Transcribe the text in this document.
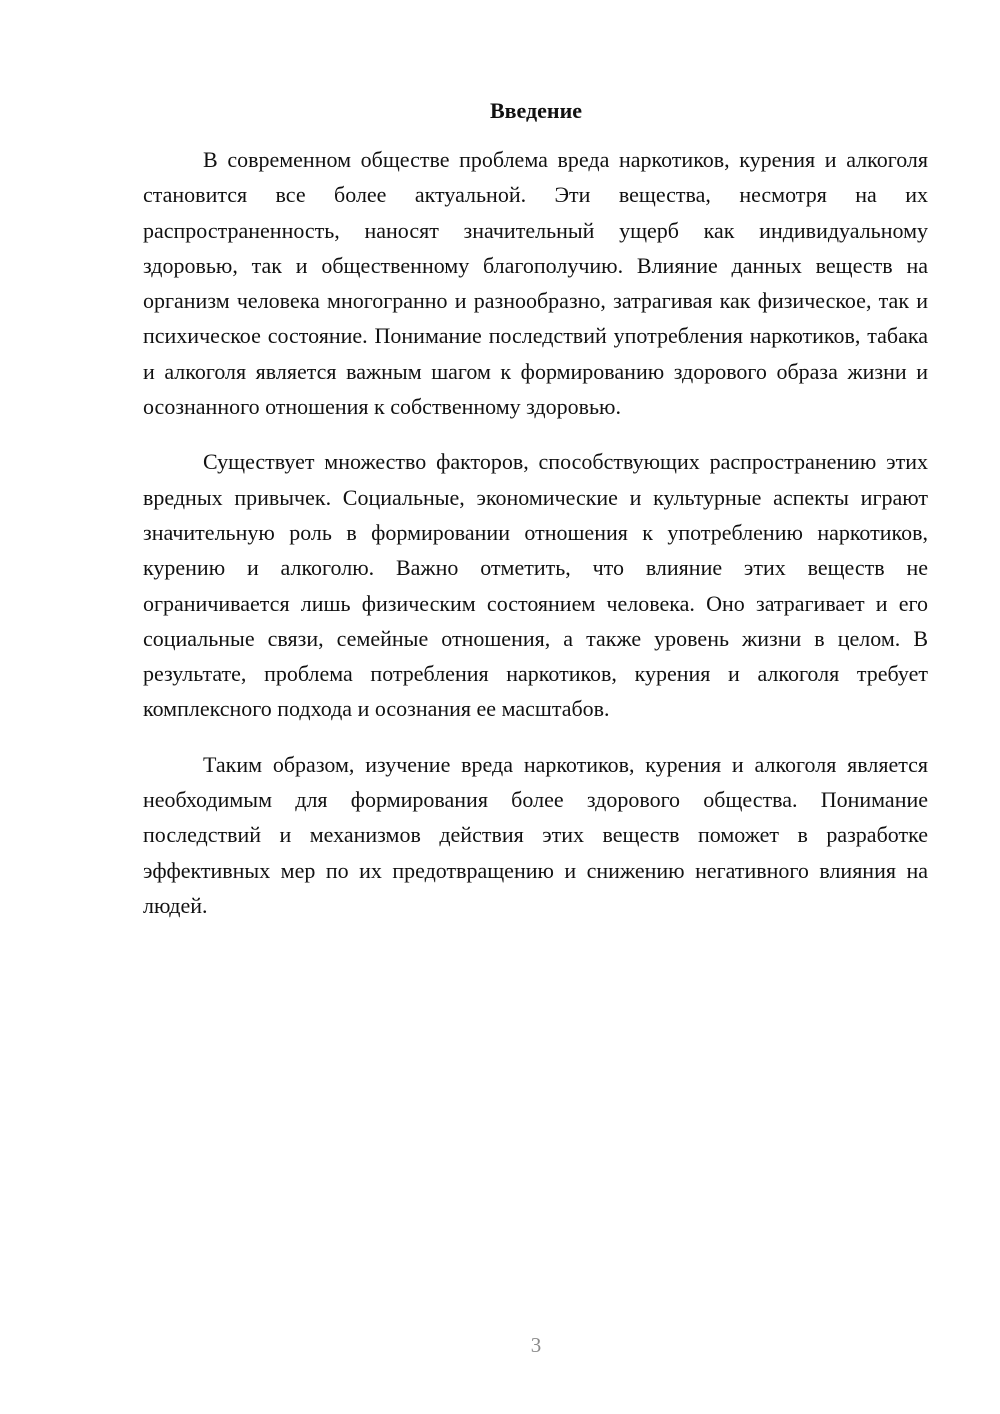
Введение

В современном обществе проблема вреда наркотиков, курения и алкоголя становится все более актуальной. Эти вещества, несмотря на их распространенность, наносят значительный ущерб как индивидуальному здоровью, так и общественному благополучию. Влияние данных веществ на организм человека многогранно и разнообразно, затрагивая как физическое, так и психическое состояние. Понимание последствий употребления наркотиков, табака и алкоголя является важным шагом к формированию здорового образа жизни и осознанного отношения к собственному здоровью.

Существует множество факторов, способствующих распространению этих вредных привычек. Социальные, экономические и культурные аспекты играют значительную роль в формировании отношения к употреблению наркотиков, курению и алкоголю. Важно отметить, что влияние этих веществ не ограничивается лишь физическим состоянием человека. Оно затрагивает и его социальные связи, семейные отношения, а также уровень жизни в целом. В результате, проблема потребления наркотиков, курения и алкоголя требует комплексного подхода и осознания ее масштабов.

Таким образом, изучение вреда наркотиков, курения и алкоголя является необходимым для формирования более здорового общества. Понимание последствий и механизмов действия этих веществ поможет в разработке эффективных мер по их предотвращению и снижению негативного влияния на людей.

3
